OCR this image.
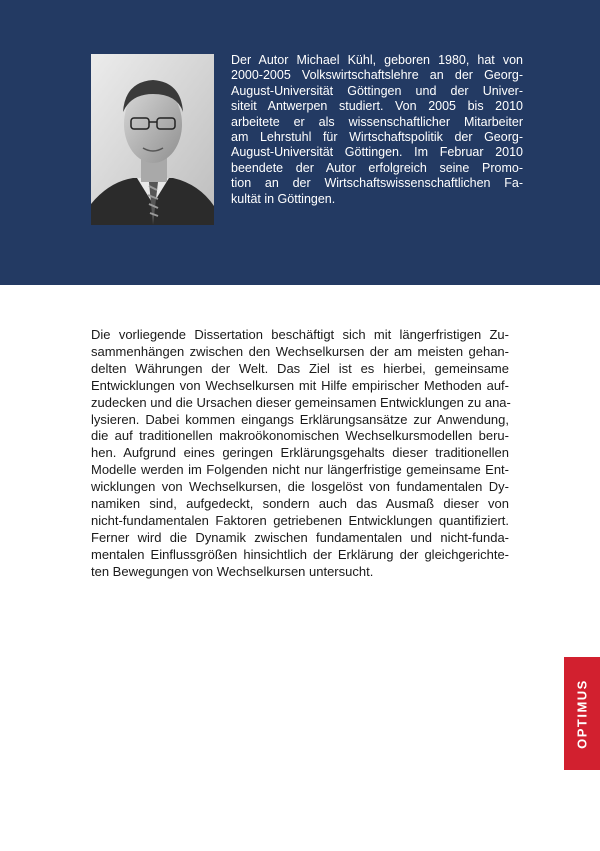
Der Autor Michael Kühl, geboren 1980, hat von
2000-2005 Volkswirtschaftslehre an der Georg-
August-Universität Göttingen und der Univer-
siteit Antwerpen studiert. Von 2005 bis 2010
arbeitete er als wissenschaftlicher Mitarbeiter
am Lehrstuhl für Wirtschaftspolitik der Georg-
August-Universität Göttingen. Im Februar 2010
beendete der Autor erfolgreich seine Promo-
tion an der Wirtschaftswissenschaftlichen Fa-
kultät in Göttingen.
Die vorliegende Dissertation beschäftigt sich mit längerfristigen Zu-
sammenhängen zwischen den Wechselkursen der am meisten gehan-
delten Währungen der Welt. Das Ziel ist es hierbei, gemeinsame
Entwicklungen von Wechselkursen mit Hilfe empirischer Methoden auf-
zudecken und die Ursachen dieser gemeinsamen Entwicklungen zu ana-
lysieren. Dabei kommen eingangs Erklärungsansätze zur Anwendung,
die auf traditionellen makroökonomischen Wechselkursmodellen beru-
hen. Aufgrund eines geringen Erklärungsgehalts dieser traditionellen
Modelle werden im Folgenden nicht nur längerfristige gemeinsame Ent-
wicklungen von Wechselkursen, die losgelöst von fundamentalen Dy-
namiken sind, aufgedeckt, sondern auch das Ausmaß dieser von
nicht-fundamentalen Faktoren getriebenen Entwicklungen quantifiziert.
Ferner wird die Dynamik zwischen fundamentalen und nicht-funda-
mentalen Einflussgrößen hinsichtlich der Erklärung der gleichgerichte-
ten Bewegungen von Wechselkursen untersucht.
OPTIMUS
